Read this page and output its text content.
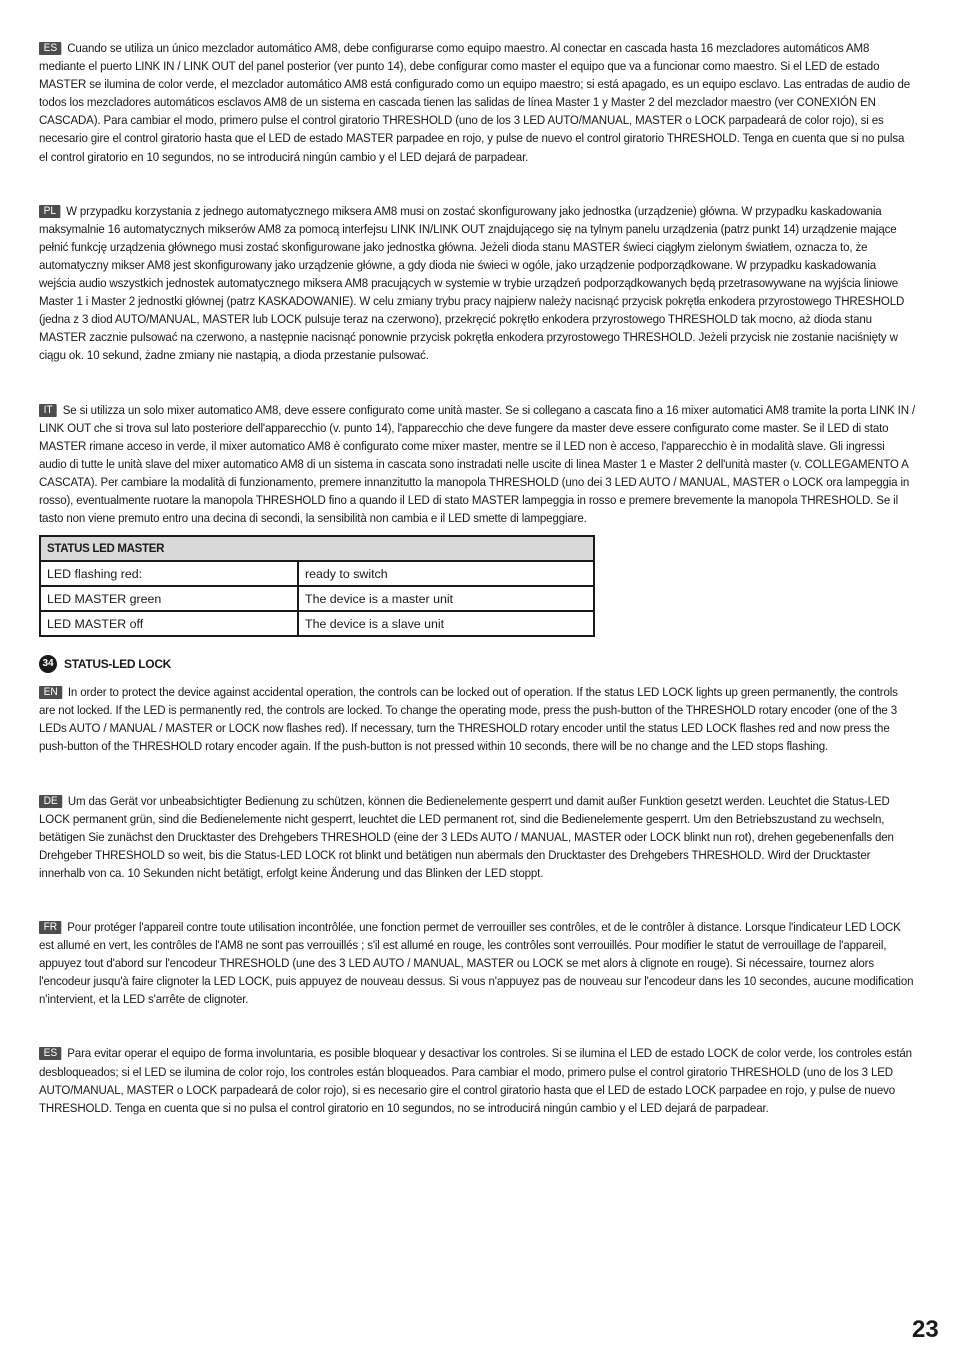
ES Cuando se utiliza un único mezclador automático AM8, debe configurarse como equipo maestro. Al conectar en cascada hasta 16 mezcladores automáticos AM8 mediante el puerto LINK IN / LINK OUT del panel posterior (ver punto 14), debe configurar como master el equipo que va a funcionar como maestro. Si el LED de estado MASTER se ilumina de color verde, el mezclador automático AM8 está configurado como un equipo maestro; si está apagado, es un equipo esclavo. Las entradas de audio de todos los mezcladores automáticos esclavos AM8 de un sistema en cascada tienen las salidas de línea Master 1 y Master 2 del mezclador maestro (ver CONEXIÓN EN CASCADA). Para cambiar el modo, primero pulse el control giratorio THRESHOLD (uno de los 3 LED AUTO/MANUAL, MASTER o LOCK parpadeará de color rojo), si es necesario gire el control giratorio hasta que el LED de estado MASTER parpadee en rojo, y pulse de nuevo el control giratorio THRESHOLD. Tenga en cuenta que si no pulsa el control giratorio en 10 segundos, no se introducirá ningún cambio y el LED dejará de parpadear.

PL W przypadku korzystania z jednego automatycznego miksera AM8 musi on zostać skonfigurowany jako jednostka (urządzenie) główna. W przypadku kaskadowania maksymalnie 16 automatycznych mikserów AM8 za pomocą interfejsu LINK IN/LINK OUT znajdującego się na tylnym panelu urządzenia (patrz punkt 14) urządzenie mające pełnić funkcję urządzenia głównego musi zostać skonfigurowane jako jednostka główna. Jeżeli dioda stanu MASTER świeci ciągłym zielonym światłem, oznacza to, że automatyczny mikser AM8 jest skonfigurowany jako urządzenie główne, a gdy dioda nie świeci w ogóle, jako urządzenie podporządkowane. W przypadku kaskadowania wejścia audio wszystkich jednostek automatycznego miksera AM8 pracujących w systemie w trybie urządzeń podporządkowanych będą przetrasowywane na wyjścia liniowe Master 1 i Master 2 jednostki głównej (patrz KASKADOWANIE). W celu zmiany trybu pracy najpierw należy nacisnąć przycisk pokrętła enkodera przyrostowego THRESHOLD (jedna z 3 diod AUTO/MANUAL, MASTER lub LOCK pulsuje teraz na czerwono), przekręcić pokrętło enkodera przyrostowego THRESHOLD tak mocno, aż dioda stanu MASTER zacznie pulsować na czerwono, a następnie nacisnąć ponownie przycisk pokrętła enkodera przyrostowego THRESHOLD. Jeżeli przycisk nie zostanie naciśnięty w ciągu ok. 10 sekund, żadne zmiany nie nastąpią, a dioda przestanie pulsować.

IT Se si utilizza un solo mixer automatico AM8, deve essere configurato come unità master. Se si collegano a cascata fino a 16 mixer automatici AM8 tramite la porta LINK IN / LINK OUT che si trova sul lato posteriore dell'apparecchio (v. punto 14), l'apparecchio che deve fungere da master deve essere configurato come master. Se il LED di stato MASTER rimane acceso in verde, il mixer automatico AM8 è configurato come mixer master, mentre se il LED non è acceso, l'apparecchio è in modalità slave. Gli ingressi audio di tutte le unità slave del mixer automatico AM8 di un sistema in cascata sono instradati nelle uscite di linea Master 1 e Master 2 dell'unità master (v. COLLEGAMENTO A CASCATA). Per cambiare la modalità di funzionamento, premere innanzitutto la manopola THRESHOLD (uno dei 3 LED AUTO / MANUAL, MASTER o LOCK ora lampeggia in rosso), eventualmente ruotare la manopola THRESHOLD fino a quando il LED di stato MASTER lampeggia in rosso e premere brevemente la manopola THRESHOLD. Se il tasto non viene premuto entro una decina di secondi, la sensibilità non cambia e il LED smette di lampeggiare.

STATUS LED MASTER	
LED flashing red:	ready to switch
LED MASTER green	The device is a master unit
LED MASTER off	The device is a slave unit
34 STATUS-LED LOCK

EN In order to protect the device against accidental operation, the controls can be locked out of operation. If the status LED LOCK lights up green permanently, the controls are not locked. If the LED is permanently red, the controls are locked. To change the operating mode, press the push-button of the THRESHOLD rotary encoder (one of the 3 LEDs AUTO / MANUAL / MASTER or LOCK now flashes red). If necessary, turn the THRESHOLD rotary encoder until the status LED LOCK flashes red and now press the push-button of the THRESHOLD rotary encoder again. If the push-button is not pressed within 10 seconds, there will be no change and the LED stops flashing.

DE Um das Gerät vor unbeabsichtigter Bedienung zu schützen, können die Bedienelemente gesperrt und damit außer Funktion gesetzt werden. Leuchtet die Status-LED LOCK permanent grün, sind die Bedienelemente nicht gesperrt, leuchtet die LED permanent rot, sind die Bedienelemente gesperrt. Um den Betriebszustand zu wechseln, betätigen Sie zunächst den Drucktaster des Drehgebers THRESHOLD (eine der 3 LEDs AUTO / MANUAL, MASTER oder LOCK blinkt nun rot), drehen gegebenenfalls den Drehgeber THRESHOLD so weit, bis die Status-LED LOCK rot blinkt und betätigen nun abermals den Drucktaster des Drehgebers THRESHOLD. Wird der Drucktaster innerhalb von ca. 10 Sekunden nicht betätigt, erfolgt keine Änderung und das Blinken der LED stoppt.

FR Pour protéger l'appareil contre toute utilisation incontrôlée, une fonction permet de verrouiller ses contrôles, et de le contrôler à distance. Lorsque l'indicateur LED LOCK est allumé en vert, les contrôles de l'AM8 ne sont pas verrouillés ; s'il est allumé en rouge, les contrôles sont verrouillés. Pour modifier le statut de verrouillage de l'appareil, appuyez tout d'abord sur l'encodeur THRESHOLD (une des 3 LED AUTO / MANUAL, MASTER ou LOCK se met alors à clignote en rouge). Si nécessaire, tournez alors l'encodeur jusqu'à faire clignoter la LED LOCK, puis appuyez de nouveau dessus. Si vous n'appuyez pas de nouveau sur l'encodeur dans les 10 secondes, aucune modification n'intervient, et la LED s'arrête de clignoter.

ES Para evitar operar el equipo de forma involuntaria, es posible bloquear y desactivar los controles. Si se ilumina el LED de estado LOCK de color verde, los controles están desbloqueados; si el LED se ilumina de color rojo, los controles están bloqueados. Para cambiar el modo, primero pulse el control giratorio THRESHOLD (uno de los 3 LED AUTO/MANUAL, MASTER o LOCK parpadeará de color rojo), si es necesario gire el control giratorio hasta que el LED de estado LOCK parpadee en rojo, y pulse de nuevo THRESHOLD. Tenga en cuenta que si no pulsa el control giratorio en 10 segundos, no se introducirá ningún cambio y el LED dejará de parpadear.

23
